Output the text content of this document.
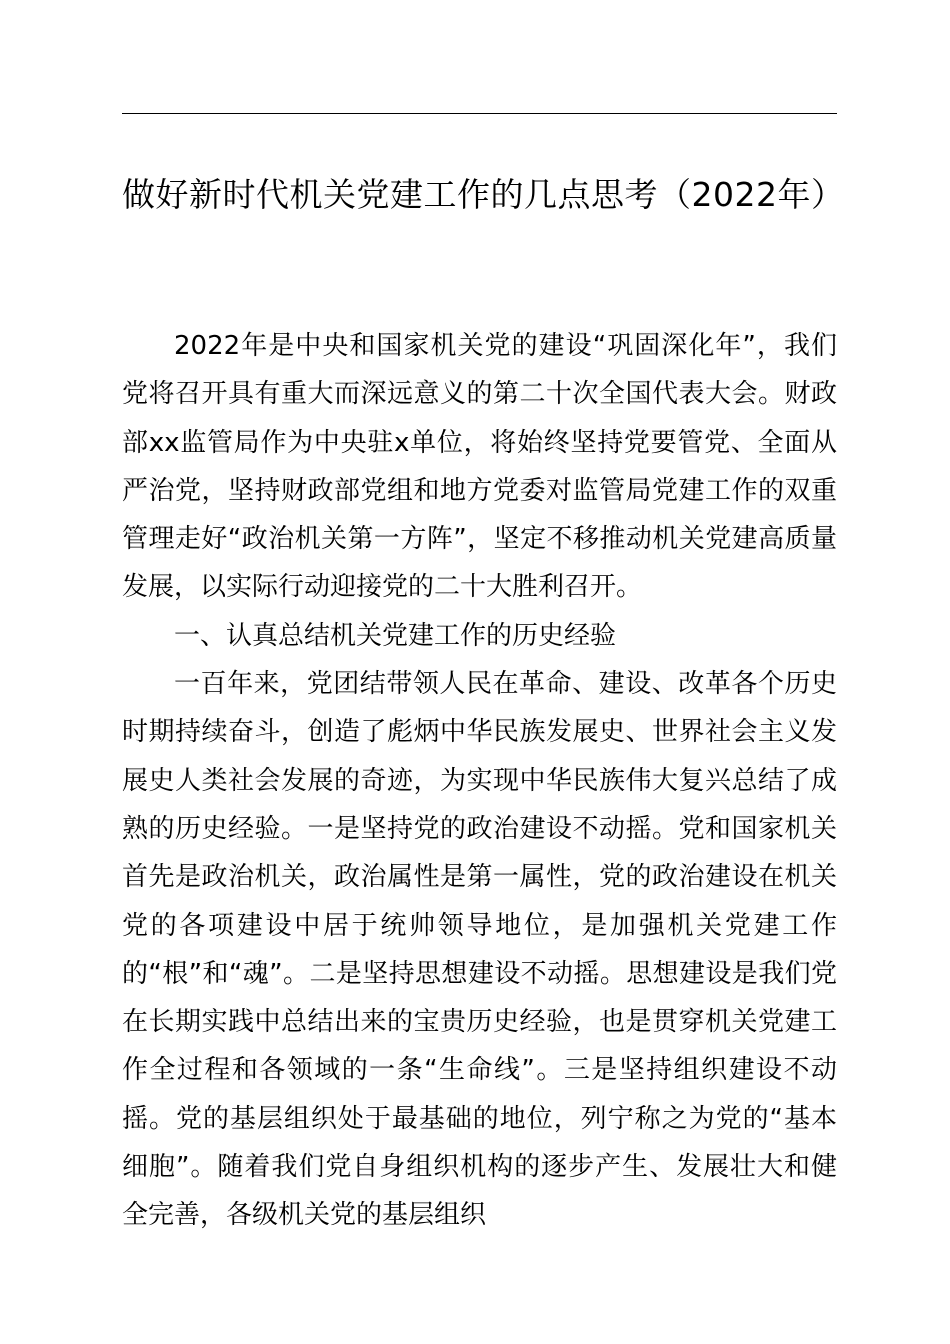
做好新时代机关党建工作的几点思考（2022年）

2022年是中央和国家机关党的建设“巩固深化年”，我们党将召开具有重大而深远意义的第二十次全国代表大会。财政部xx监管局作为中央驻x单位，将始终坚持党要管党、全面从严治党，坚持财政部党组和地方党委对监管局党建工作的双重管理走好“政治机关第一方阵”，坚定不移推动机关党建高质量发展，以实际行动迎接党的二十大胜利召开。

一、认真总结机关党建工作的历史经验

一百年来，党团结带领人民在革命、建设、改革各个历史时期持续奋斗，创造了彪炳中华民族发展史、世界社会主义发展史人类社会发展的奇迹，为实现中华民族伟大复兴总结了成熟的历史经验。一是坚持党的政治建设不动摇。党和国家机关首先是政治机关，政治属性是第一属性，党的政治建设在机关党的各项建设中居于统帅领导地位，是加强机关党建工作的“根”和“魂”。二是坚持思想建设不动摇。思想建设是我们党在长期实践中总结出来的宝贵历史经验，也是贯穿机关党建工作全过程和各领域的一条“生命线”。三是坚持组织建设不动摇。党的基层组织处于最基础的地位，列宁称之为党的“基本细胞”。随着我们党自身组织机构的逐步产生、发展壮大和健全完善，各级机关党的基层组织
